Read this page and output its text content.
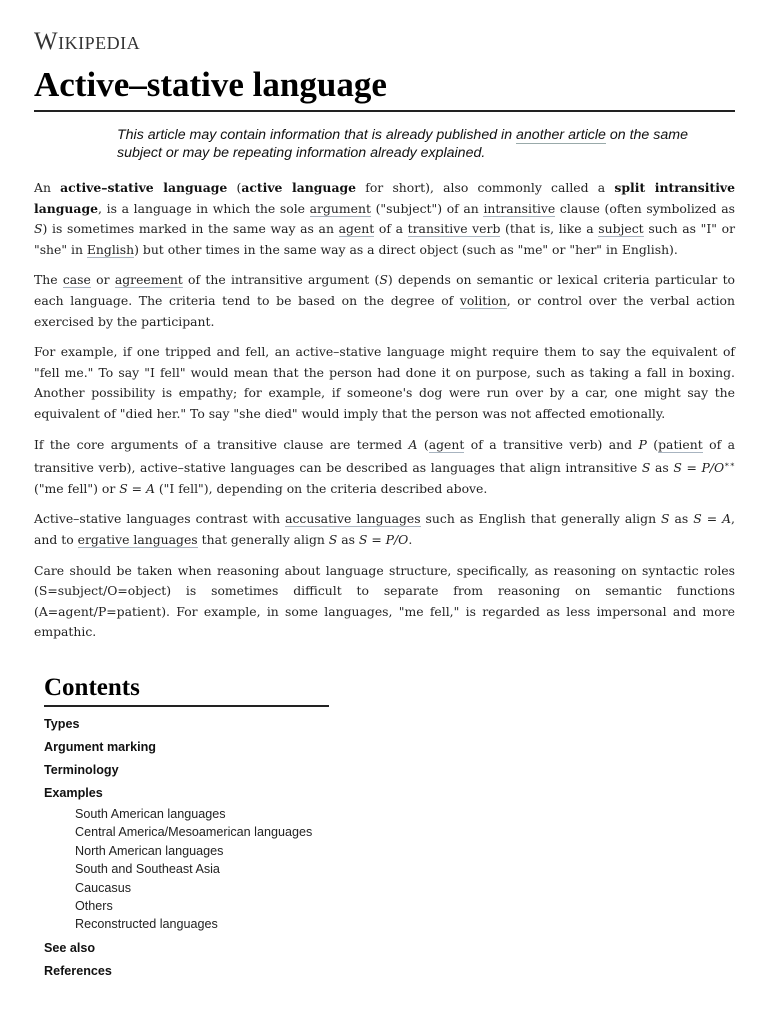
Wikipedia
Active–stative language
This article may contain information that is already published in another article on the same subject or may be repeating information already explained.

An active–stative language (active language for short), also commonly called a split intransitive language, is a language in which the sole argument ("subject") of an intransitive clause (often symbolized as S) is sometimes marked in the same way as an agent of a transitive verb (that is, like a subject such as "I" or "she" in English) but other times in the same way as a direct object (such as "me" or "her" in English).

The case or agreement of the intransitive argument (S) depends on semantic or lexical criteria particular to each language. The criteria tend to be based on the degree of volition, or control over the verbal action exercised by the participant.

For example, if one tripped and fell, an active–stative language might require them to say the equivalent of "fell me." To say "I fell" would mean that the person had done it on purpose, such as taking a fall in boxing. Another possibility is empathy; for example, if someone's dog were run over by a car, one might say the equivalent of "died her." To say "she died" would imply that the person was not affected emotionally.

If the core arguments of a transitive clause are termed A (agent of a transitive verb) and P (patient of a transitive verb), active–stative languages can be described as languages that align intransitive S as S = P/O∗∗ ("me fell") or S = A ("I fell"), depending on the criteria described above.

Active–stative languages contrast with accusative languages such as English that generally align S as S = A, and to ergative languages that generally align S as S = P/O.

Care should be taken when reasoning about language structure, specifically, as reasoning on syntactic roles (S=subject/O=object) is sometimes difficult to separate from reasoning on semantic functions (A=agent/P=patient). For example, in some languages, "me fell," is regarded as less impersonal and more empathic.

Contents
Types
Argument marking
Terminology
Examples
South American languages
Central America/Mesoamerican languages
North American languages
South and Southeast Asia
Caucasus
Others
Reconstructed languages
See also
References
